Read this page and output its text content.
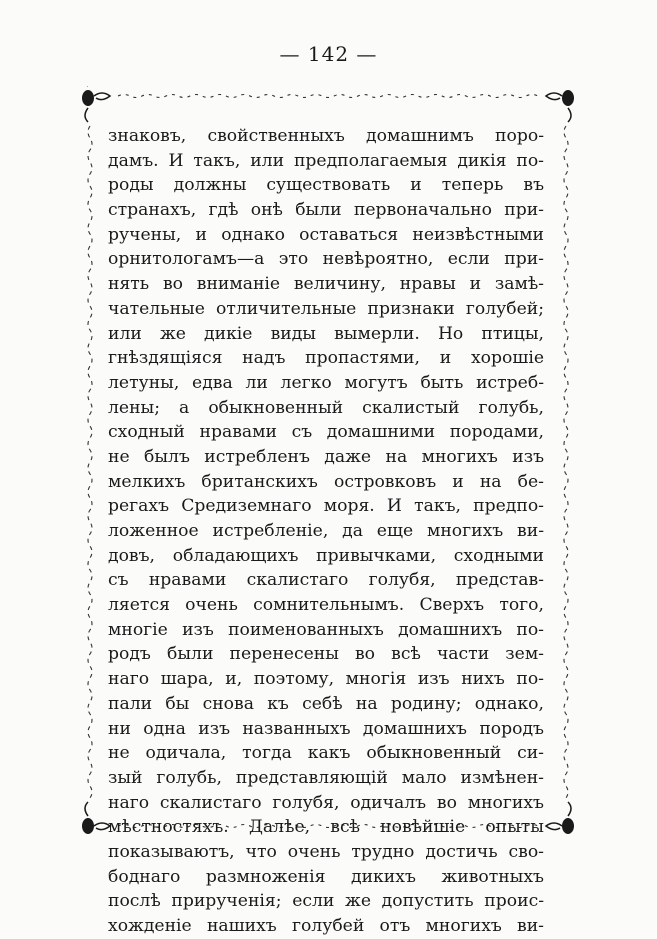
— 142 —
знаковъ, свойственныхъ домашнимъ поро-
дамъ. И такъ, или предполагаемыя дикія по-
роды должны существовать и теперь въ
странахъ, гдѣ онѣ были первоначально при-
ручены, и однако оставаться неизвѣстными
орнитологамъ—а это невѣроятно, если при-
нять во вниманіе величину, нравы и замѣ-
чательные отличительные признаки голубей;
или же дикіе виды вымерли. Но птицы,
гнѣздящіяся надъ пропастями, и хорошіе
летуны, едва ли легко могутъ быть истреб-
лены; а обыкновенный скалистый голубь,
сходный нравами съ домашними породами,
не былъ истребленъ даже на многихъ изъ
мелкихъ британскихъ островковъ и на бе-
регахъ Средиземнаго моря. И такъ, предпо-
ложенное истребленіе, да еще многихъ ви-
довъ, обладающихъ привычками, сходными
съ нравами скалистаго голубя, представ-
ляется очень сомнительнымъ. Сверхъ того,
многіе изъ поименованныхъ домашнихъ по-
родъ были перенесены во всѣ части зем-
наго шара, и, поэтому, многія изъ нихъ по-
пали бы снова къ себѣ на родину; однако,
ни одна изъ названныхъ домашнихъ породъ
не одичала, тогда какъ обыкновенный си-
зый голубь, представляющій мало измѣнен-
наго скалистаго голубя, одичалъ во многихъ
мѣстностяхъ. Далѣе, всѣ новѣйшіе опыты
показываютъ, что очень трудно достичь сво-
боднаго размноженія дикихъ животныхъ
послѣ прирученія; если же допустить проис-
хожденіе нашихъ голубей отъ многихъ ви-
